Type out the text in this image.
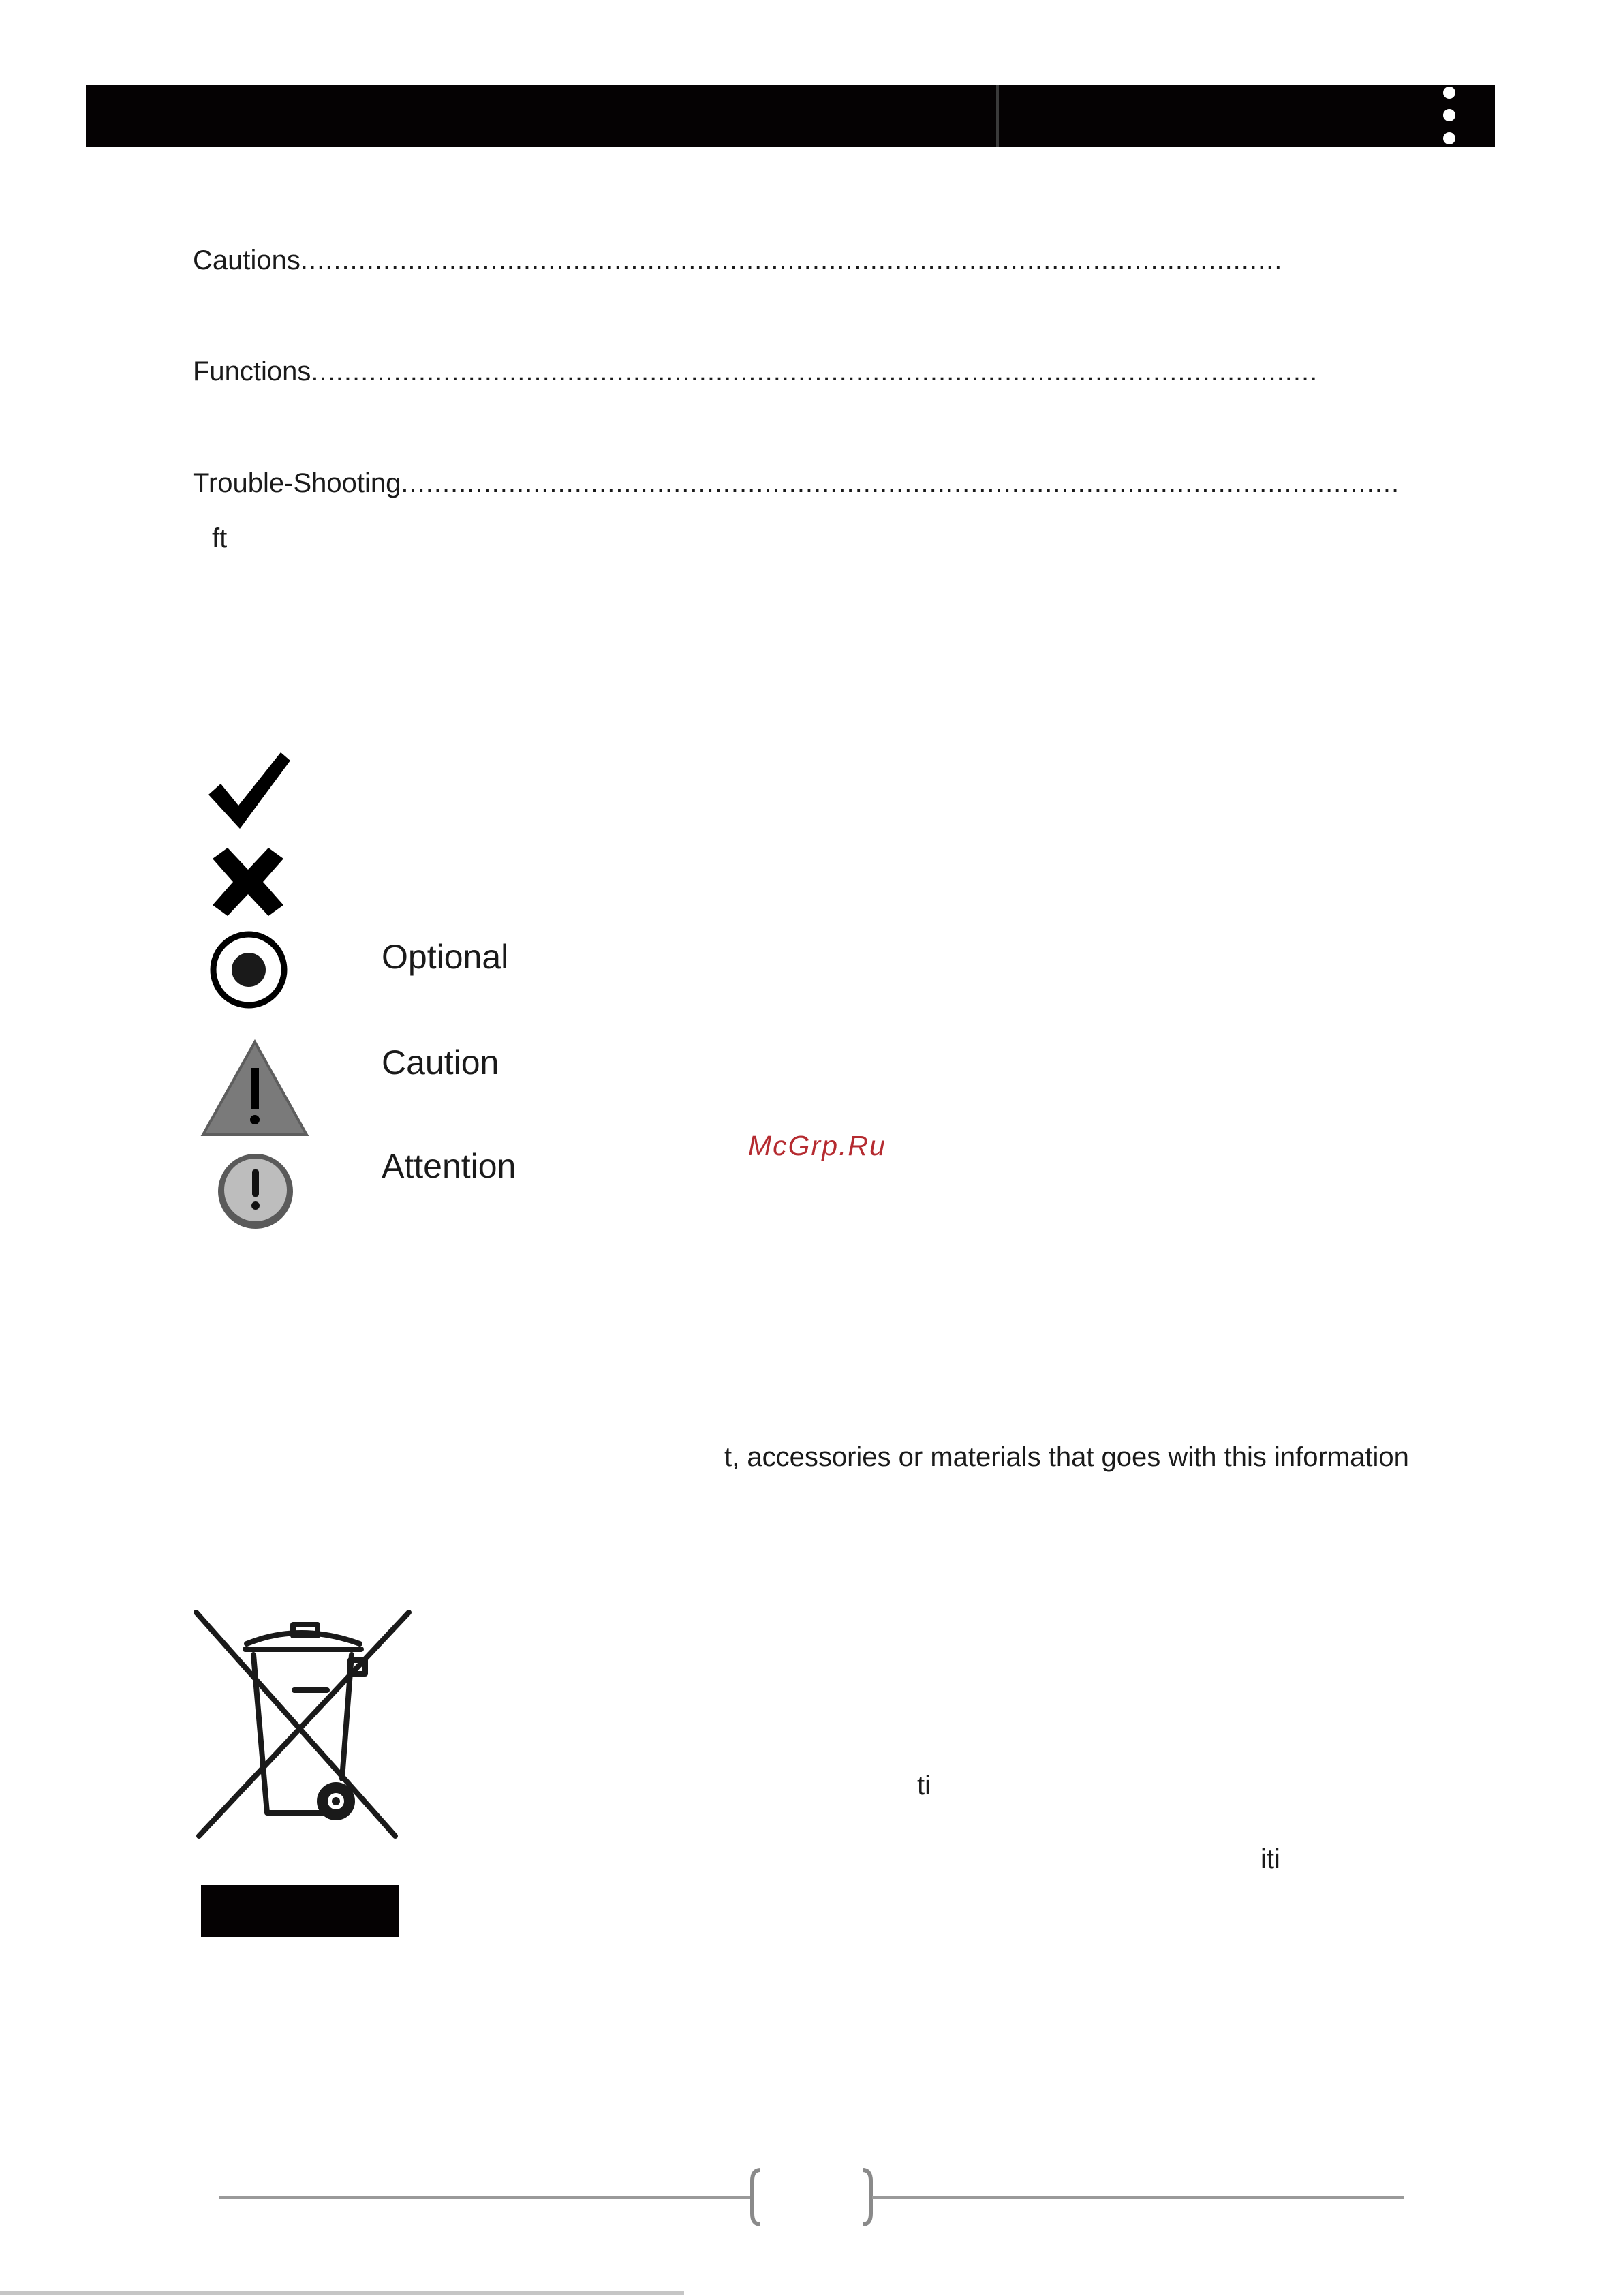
Cautions.......................................................................................................................
Functions..........................................................................................................................
Trouble-Shooting.........................................................................................................................
ft
Optional
Caution
Attention
McGrp.Ru
t, accessories or materials that goes with this information
ti
iti
